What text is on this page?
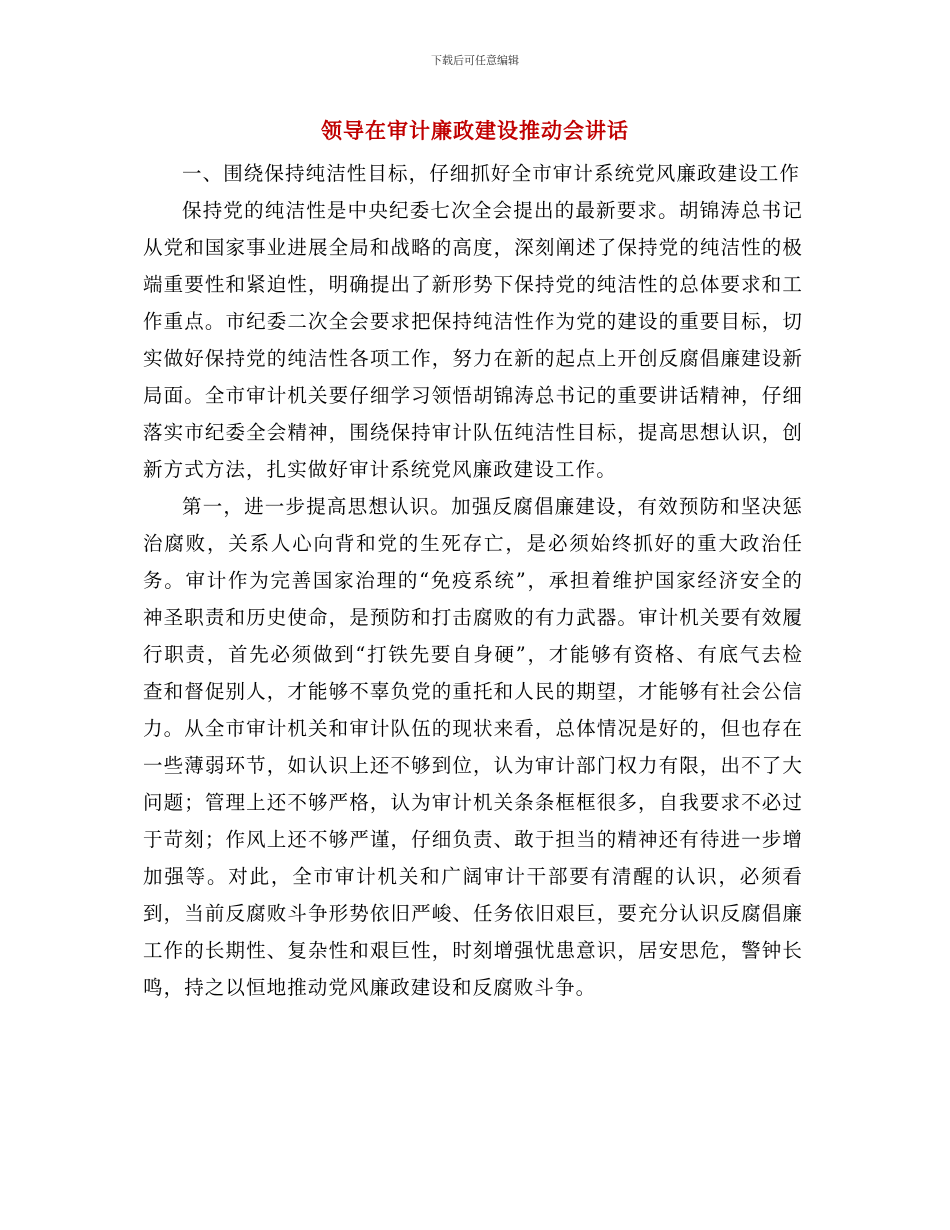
下载后可任意编辑
领导在审计廉政建设推动会讲话

一、围绕保持纯洁性目标，仔细抓好全市审计系统党风廉政建设工作

保持党的纯洁性是中央纪委七次全会提出的最新要求。胡锦涛总书记从党和国家事业进展全局和战略的高度，深刻阐述了保持党的纯洁性的极端重要性和紧迫性，明确提出了新形势下保持党的纯洁性的总体要求和工作重点。市纪委二次全会要求把保持纯洁性作为党的建设的重要目标，切实做好保持党的纯洁性各项工作，努力在新的起点上开创反腐倡廉建设新局面。全市审计机关要仔细学习领悟胡锦涛总书记的重要讲话精神，仔细落实市纪委全会精神，围绕保持审计队伍纯洁性目标，提高思想认识，创新方式方法，扎实做好审计系统党风廉政建设工作。

第一，进一步提高思想认识。加强反腐倡廉建设，有效预防和坚决惩治腐败，关系人心向背和党的生死存亡，是必须始终抓好的重大政治任务。审计作为完善国家治理的“免疫系统”，承担着维护国家经济安全的神圣职责和历史使命，是预防和打击腐败的有力武器。审计机关要有效履行职责，首先必须做到“打铁先要自身硬”，才能够有资格、有底气去检查和督促别人，才能够不辜负党的重托和人民的期望，才能够有社会公信力。从全市审计机关和审计队伍的现状来看，总体情况是好的，但也存在一些薄弱环节，如认识上还不够到位，认为审计部门权力有限，出不了大问题；管理上还不够严格，认为审计机关条条框框很多，自我要求不必过于苛刻；作风上还不够严谨，仔细负责、敢于担当的精神还有待进一步增加强等。对此，全市审计机关和广阔审计干部要有清醒的认识，必须看到，当前反腐败斗争形势依旧严峻、任务依旧艰巨，要充分认识反腐倡廉工作的长期性、复杂性和艰巨性，时刻增强忧患意识，居安思危，警钟长鸣，持之以恒地推动党风廉政建设和反腐败斗争。
